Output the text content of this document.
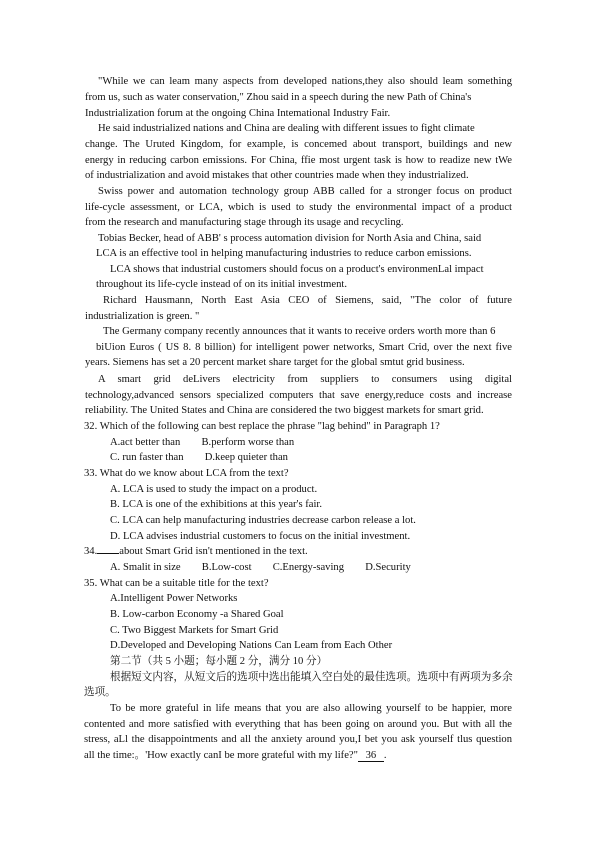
"While we can leam many aspects from developed nations,they also should leam something
from us, such as water conservation," Zhou said in a speech during the new Path of China's
Industrialization forum at the ongoing China Intemational Industry Fair.
He said industrialized nations and China are dealing with different issues to fight climate
change. The Uruted Kingdom, for example, is concemed about transport, buildings and new
energy in reducing carbon emissions. For China, ffie most urgent task is how to readize new tWe
of industrialization and avoid mistakes that other countries made when they industrialized.
Swiss power and automation technology group ABB called for a stronger focus on product
life-cycle assessment, or LCA, wbich is used to study the environmental impact of a product
from the research and manufacturing stage through its usage and recycling.
Tobias Becker, head of ABB' s process automation division for North Asia and China, said
LCA is an effective tool in helping manufacturing industries to reduce carbon emissions.
LCA shows that industrial customers should focus on a product's environmenLal impact
throughout its life-cycle instead of on its initial investment.
Richard Hausmann, North East Asia CEO of Siemens, said, "The color of future
industrialization is green. "
The Germany company recently announces that it wants to receive orders worth more than 6
biUion Euros ( US 8. 8 billion) for intelligent power networks, Smart Crid, over the next five
years. Siemens has set a 20 percent market share target for the global smtut grid business.
A smart grid deLivers electricity from suppliers to consumers using digital
technology,advanced sensors specialized computers that save energy,reduce costs and increase
reliability. The United States and China are considered the two biggest markets for smart grid.
32. Which of the following can best replace the phrase "lag behind" in Paragraph 1?
A.act better than        B.perform worse than
C. run faster than        D.keep quieter than
33. What do we know about LCA from the text?
A. LCA is used to study the impact on a product.
B. LCA is one of the exhibitions at this year's fair.
C. LCA can help manufacturing industries decrease carbon release a lot.
D. LCA advises industrial customers to focus on the initial investment.
34. about Smart Grid isn't mentioned in the text.
A. Smalit in size        B.Low-cost        C.Energy-saving        D.Security
35. What can be a suitable title for the text?
A.Intelligent Power Networks
B. Low-carbon Economy -a Shared Goal
C. Two Biggest Markets for Smart Grid
D.Developed and Developing Nations Can Leam from Each Other
第二节（共 5 小题；每小题 2 分，满分 10 分）
根据短文内容，从短文后的选项中选出能填入空白处的最佳选项。选项中有两项为多余
选项。
To be more grateful in life means that you are also allowing yourself to be happier, more
contented and more satisfied with everything that has been going on around you. But with all the
stress, aLl the disappointments and all the anxiety around you,I bet you ask yourself tlus question
all the time:。'How exactly canI be more grateful with my life?" 36 .
